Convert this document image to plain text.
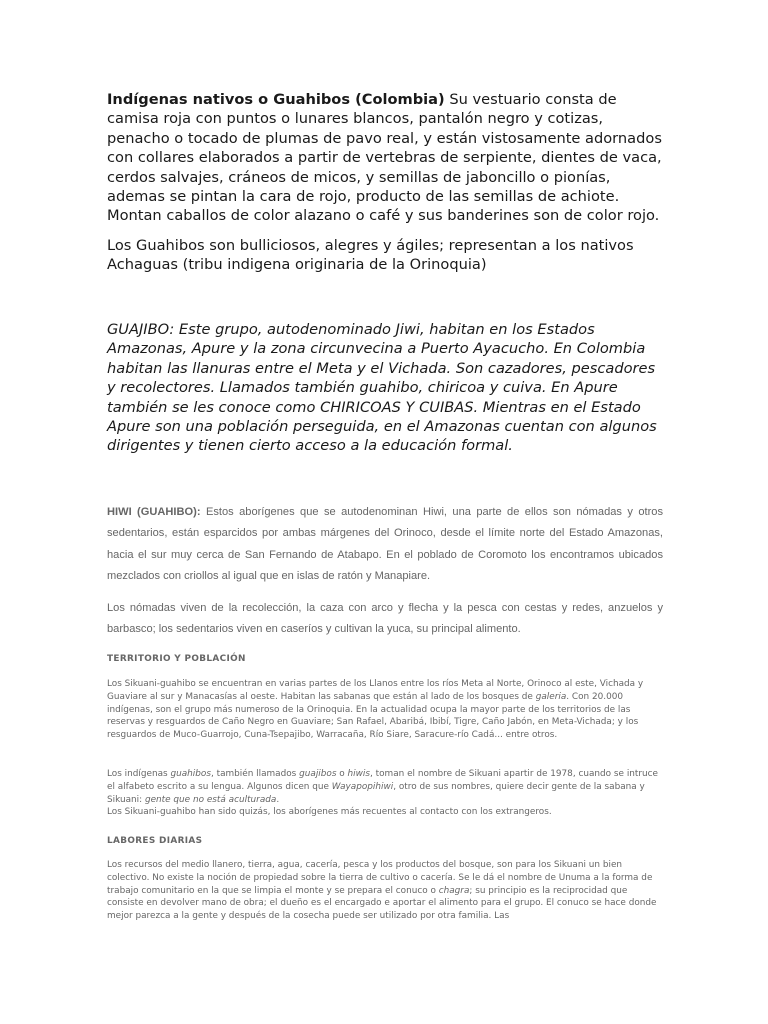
Indígenas nativos o Guahibos (Colombia) Su vestuario consta de camisa roja con puntos o lunares blancos, pantalón negro y cotizas, penacho o tocado de plumas de pavo real, y están vistosamente adornados con collares elaborados a partir de vertebras de serpiente, dientes de vaca, cerdos salvajes, cráneos de micos, y semillas de jaboncillo o pionías, ademas se pintan la cara de rojo, producto de las semillas de achiote. Montan caballos de color alazano o café y sus banderines son de color rojo.

Los Guahibos son bulliciosos, alegres y ágiles; representan a los nativos Achaguas (tribu indigena originaria de la Orinoquia)

GUAJIBO: Este grupo, autodenominado Jiwi, habitan en los Estados Amazonas, Apure y la zona circunvecina a Puerto Ayacucho. En Colombia habitan las llanuras entre el Meta y el Vichada. Son cazadores, pescadores y recolectores. Llamados también guahibo, chiricoa y cuiva. En Apure también se les conoce como CHIRICOAS Y CUIBAS. Mientras en el Estado Apure son una población perseguida, en el Amazonas cuentan con algunos dirigentes y tienen cierto acceso a la educación formal.

HIWI (GUAHIBO): Estos aborígenes que se autodenominan Hiwi, una parte de ellos son nómadas y otros sedentarios, están esparcidos por ambas márgenes del Orinoco, desde el límite norte del Estado Amazonas, hacia el sur muy cerca de San Fernando de Atabapo. En el poblado de Coromoto los encontramos ubicados mezclados con criollos al igual que en islas de ratón y Manapiare.

Los nómadas viven de la recolección, la caza con arco y flecha y la pesca con cestas y redes, anzuelos y barbasco; los sedentarios viven en caseríos y cultivan la yuca, su principal alimento.

TERRITORIO Y POBLACIÓN

Los Sikuani-guahibo se encuentran en varias partes de los Llanos entre los ríos Meta al Norte, Orinoco al este, Vichada y Guaviare al sur y Manacasías al oeste. Habitan las sabanas que están al lado de los bosques de galeria. Con 20.000 indígenas, son el grupo más numeroso de la Orinoquia. En la actualidad ocupa la mayor parte de los territorios de las reservas y resguardos de Caño Negro en Guaviare; San Rafael, Abaribá, Ibibí, Tigre, Caño Jabón, en Meta-Vichada; y los resguardos de Muco-Guarrojo, Cuna-Tsepajibo, Warracaña, Río Siare, Saracure-río Cadá... entre otros.

Los indígenas guahibos, también llamados guajibos o hiwis, toman el nombre de Sikuani apartir de 1978, cuando se intruce el alfabeto escrito a su lengua. Algunos dicen que Wayapopihiwi, otro de sus nombres, quiere decir gente de la sabana y Sikuani: gente que no está aculturada.
Los Sikuani-guahibo han sido quizás, los aborígenes más recuentes al contacto con los extrangeros.

LABORES DIARIAS

Los recursos del medio llanero, tierra, agua, cacería, pesca y los productos del bosque, son para los Sikuani un bien colectivo. No existe la noción de propiedad sobre la tierra de cultivo o cacería. Se le dá el nombre de Unuma a la forma de trabajo comunitario en la que se limpia el monte y se prepara el conuco o chagra; su principio es la reciprocidad que consiste en devolver mano de obra; el dueño es el encargado e aportar el alimento para el grupo. El conuco se hace donde mejor parezca a la gente y después de la cosecha puede ser utilizado por otra familia. Las
